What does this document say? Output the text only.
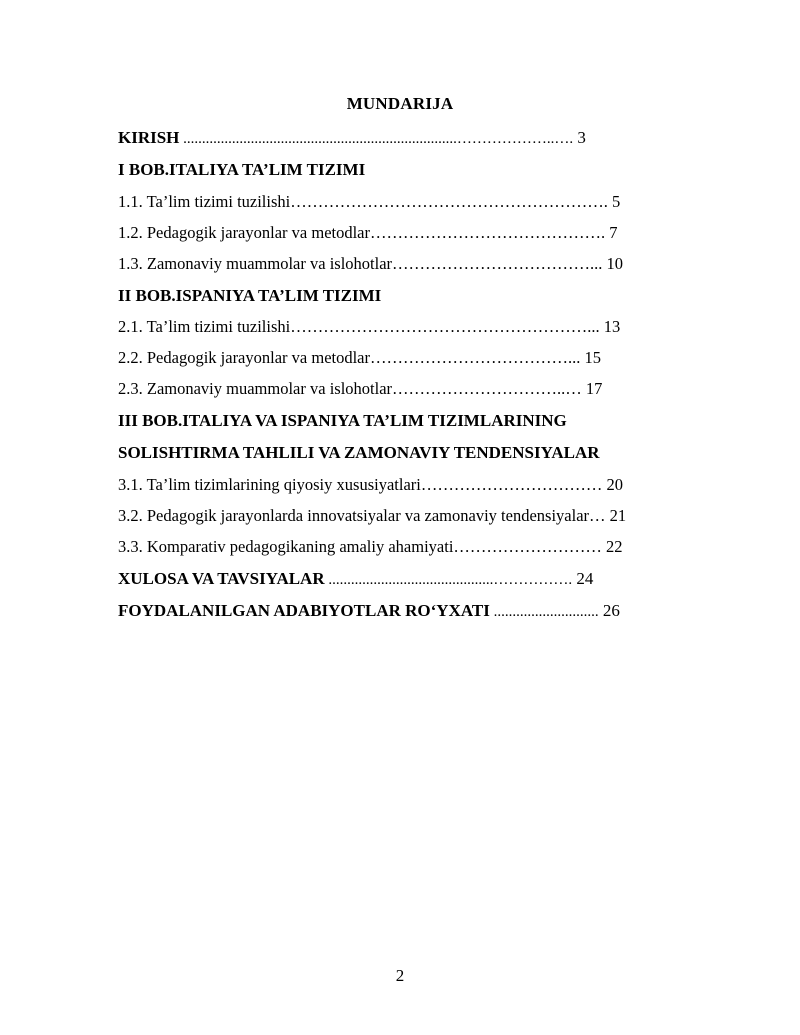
MUNDARIJA
KIRISH .........................................................................………………..…. 3
I BOB.ITALIYA TA’LIM TIZIMI
1.1. Ta’lim tizimi tuzilishi…………………………………………………. 5
1.2. Pedagogik jarayonlar va metodlar……………………………………. 7
1.3. Zamonaviy muammolar va islohotlar………………………………... 10
II BOB.ISPANIYA TA’LIM TIZIMI
2.1. Ta’lim tizimi tuzilishi………………………………………………... 13
2.2. Pedagogik jarayonlar va metodlar………………………………... 15
2.3. Zamonaviy muammolar va islohotlar…………………………..… 17
III BOB.ITALIYA VA ISPANIYA TA’LIM TIZIMLARINING
SOLISHTIRMA TAHLILI VA ZAMONAVIY TENDENSIYALAR
3.1. Ta’lim tizimlarining qiyosiy xususiyatlari…………………………… 20
3.2. Pedagogik jarayonlarda innovatsiyalar va zamonaviy tendensiyalar… 21
3.3. Komparativ pedagogikaning amaliy ahamiyati……………………… 22
XULOSA VA TAVSIYALAR ............................................……………. 24
FOYDALANILGAN ADABIYOTLAR RO‘YXATI ............................ 26
2
